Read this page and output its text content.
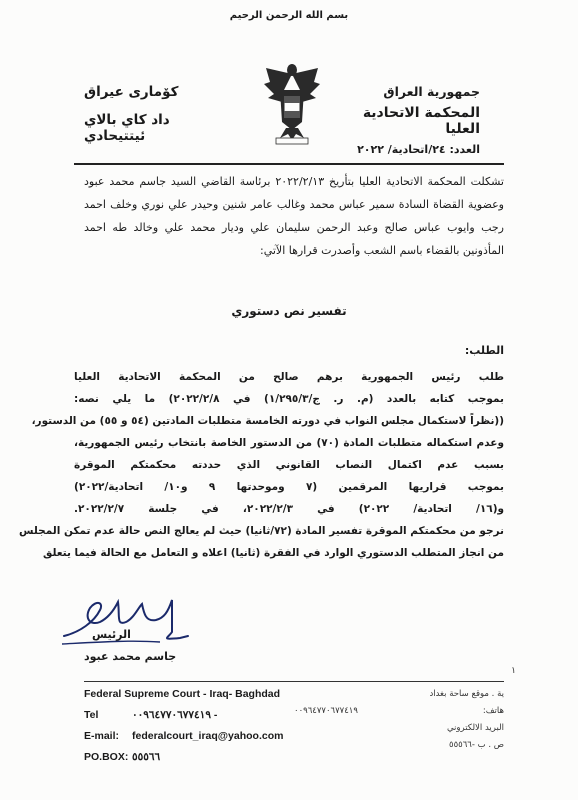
بسم الله الرحمن الرحيم
جمهورية العراق
المحكمة الاتحادية العليا
العدد: ٢٤/اتحادية/ ٢٠٢٢
كوٚماری عیراق
داد كاي بالاي ئيتتيحادي
تشكلت المحكمة الاتحادية العليا بتأريخ ٢٠٢٢/٢/١٣ برئاسة القاضي السيد جاسم محمد عبود وعضوية القضاة السادة سمير عباس محمد وغالب عامر شنين وحيدر علي نوري وخلف احمد رجب وايوب عباس صالح وعبد الرحمن سليمان علي وديار محمد علي وخالد طه احمد المأذونين بالقضاء باسم الشعب وأصدرت قرارها الآتي:
تفسير نص دستوري
الطلب:
طلب رئيس الجمهورية برهم صالح من المحكمة الاتحادية العليا
بموجب كتابه بالعدد (م. ر. ج/١/٢٩٥/٣) في ٢٠٢٢/٢/٨) ما يلي نصه:
((نظراً لاستكمال مجلس النواب في دورته الخامسة متطلبات المادتين (٥٤ و ٥٥) من الدستور،
وعدم استكماله متطلبات المادة (٧٠) من الدستور الخاصة بانتخاب رئيس الجمهورية،
بسبب عدم اكتمال النصاب القانوني الذي حددته محكمتكم الموقرة
بموجب قراريها المرقمين (٧ وموحدتها ٩ و١٠/ اتحادية/٢٠٢٢)
و(١٦/ اتحادية/ ٢٠٢٢) في ٢٠٢٢/٢/٣، في جلسة ٢٠٢٢/٢/٧.
نرجو من محكمتكم الموقرة تفسير المادة (٧٢/ثانيا) حيث لم يعالج النص حالة عدم تمكن المجلس
من انجاز المتطلب الدستوري الوارد في الفقرة (ثانيا) اعلاه و التعامل مع الحالة فيما يتعلق
الرئيس
جاسم محمد عبود
١
Federal Supreme Court - Iraq- Baghdad
Tel	٠٠٩٦٤٧٧٠٦٧٧٤١٩ -
E-mail: federalcourt_iraq@yahoo.com
PO.BOX: ٥٥٥٦٦
ية . موقع ساحة بغداد
هاتف:
٠٠٩٦٤٧٧٠٦٧٧٤١٩
البريد الالكتروني
ص . ب -٥٥٥٦٦
